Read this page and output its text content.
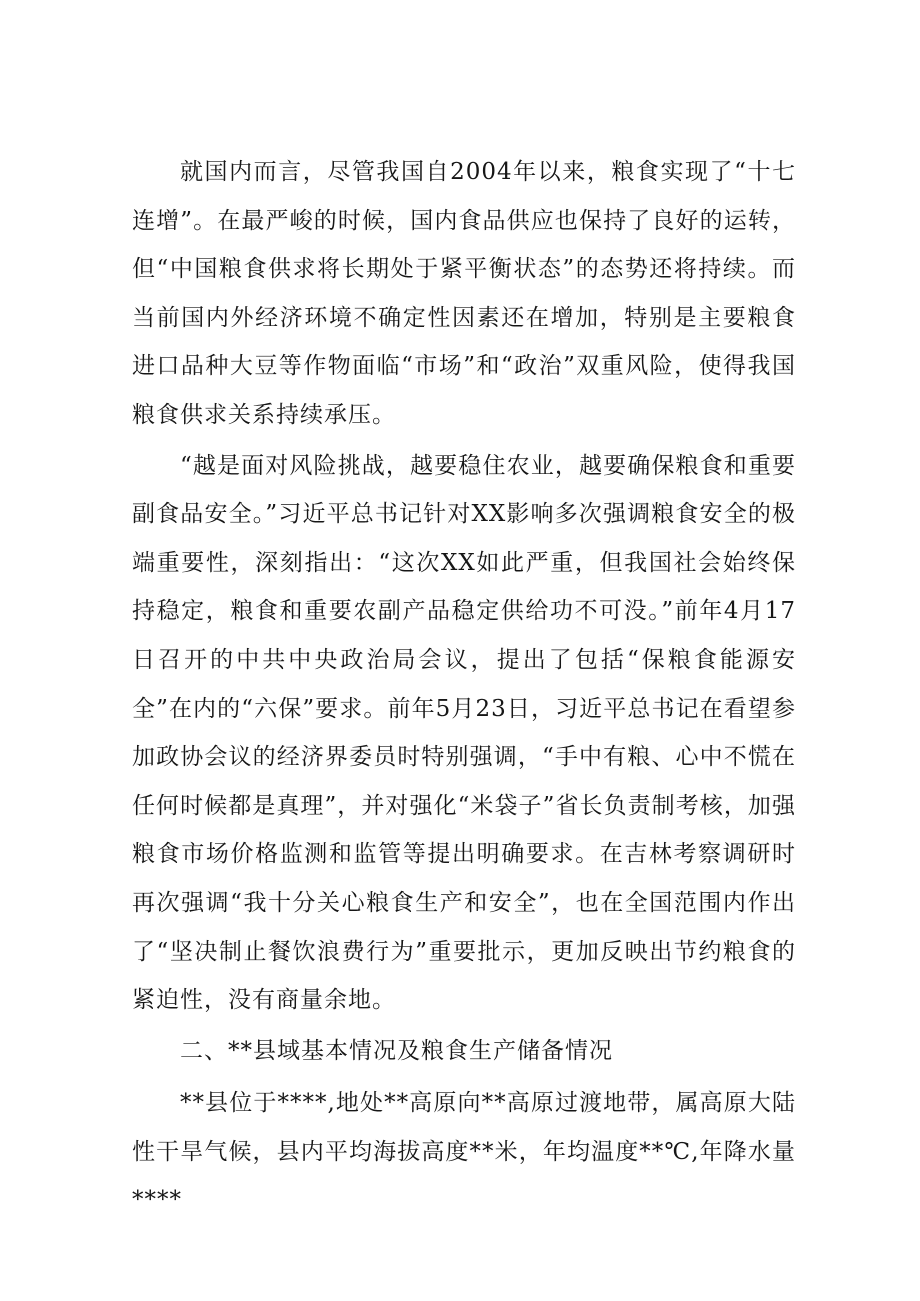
就国内而言，尽管我国自2004年以来，粮食实现了“十七连增”。在最严峻的时候，国内食品供应也保持了良好的运转，但“中国粮食供求将长期处于紧平衡状态”的态势还将持续。而当前国内外经济环境不确定性因素还在增加，特别是主要粮食进口品种大豆等作物面临“市场”和“政治”双重风险，使得我国粮食供求关系持续承压。

“越是面对风险挑战，越要稳住农业，越要确保粮食和重要副食品安全。”习近平总书记针对XX影响多次强调粮食安全的极端重要性，深刻指出：“这次XX如此严重，但我国社会始终保持稳定，粮食和重要农副产品稳定供给功不可没。”前年4月17日召开的中共中央政治局会议，提出了包括“保粮食能源安全”在内的“六保”要求。前年5月23日，习近平总书记在看望参加政协会议的经济界委员时特别强调，“手中有粮、心中不慌在任何时候都是真理”，并对强化“米袋子”省长负责制考核，加强粮食市场价格监测和监管等提出明确要求。在吉林考察调研时再次强调“我十分关心粮食生产和安全”，也在全国范围内作出了“坚决制止餐饮浪费行为”重要批示，更加反映出节约粮食的紧迫性，没有商量余地。

二、**县域基本情况及粮食生产储备情况

**县位于****,地处**高原向**高原过渡地带，属高原大陆性干旱气候，县内平均海拔高度**米，年均温度**℃,年降水量****
